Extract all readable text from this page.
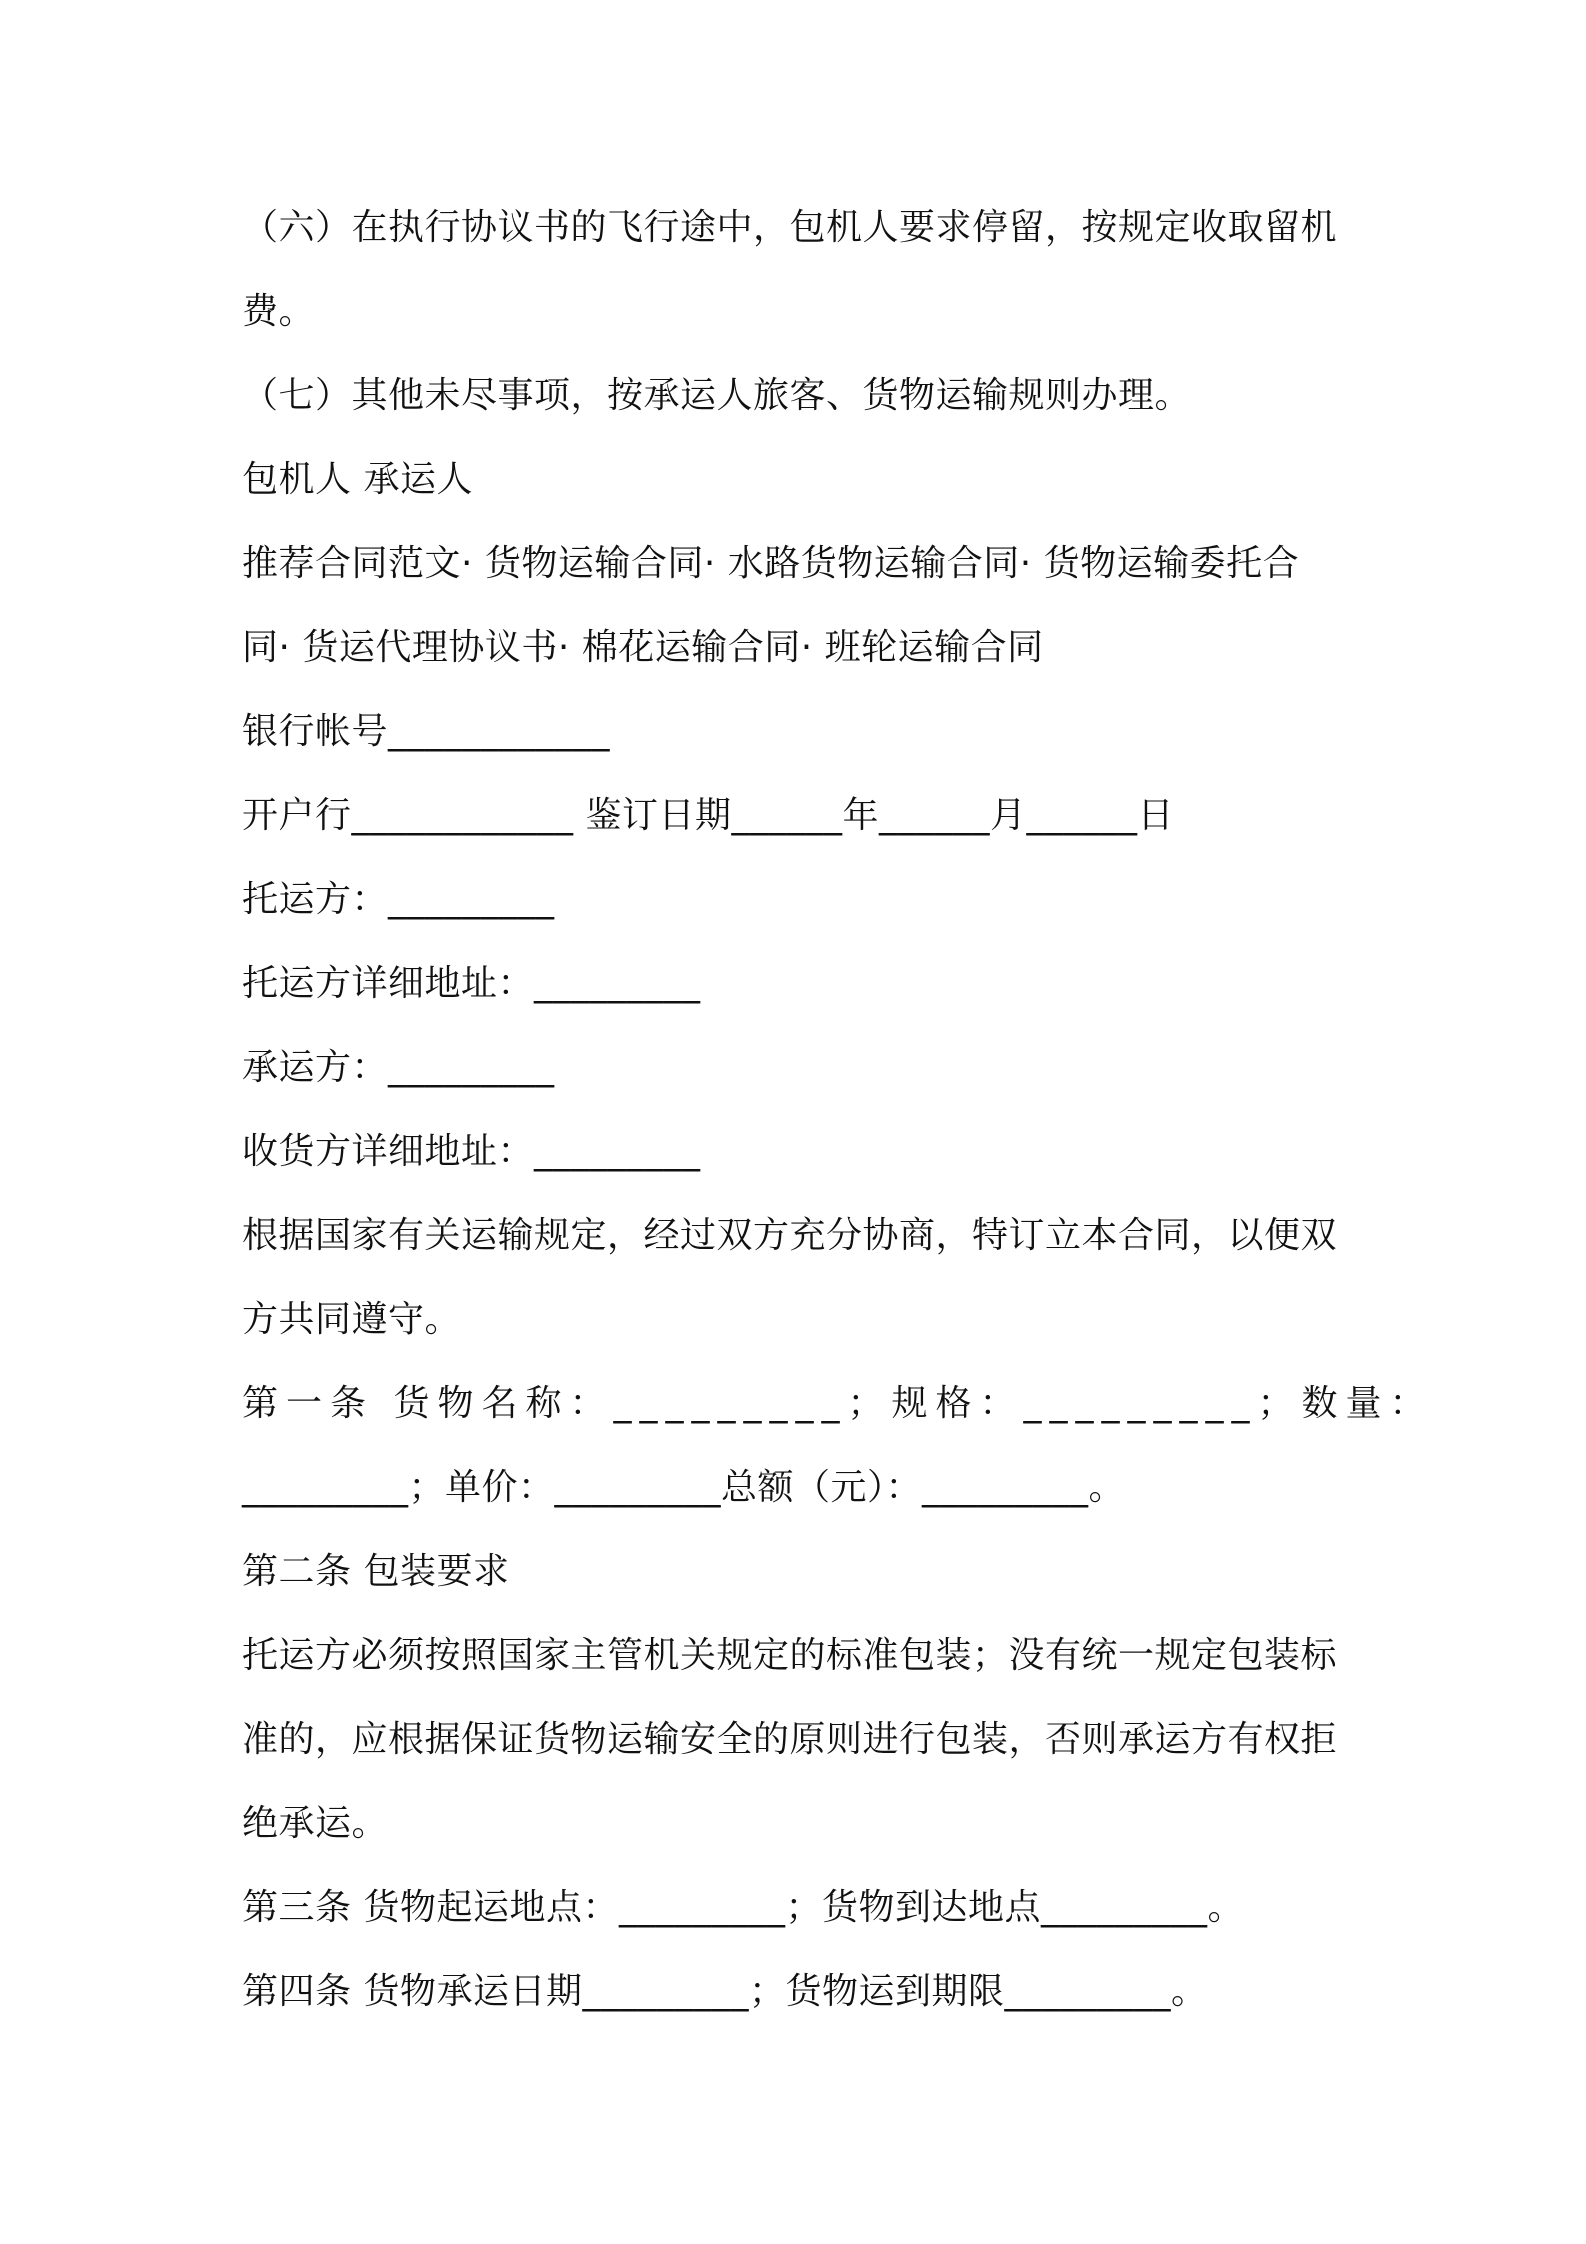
（六）在执行协议书的飞行途中，包机人要求停留，按规定收取留机
费。
（七）其他未尽事项，按承运人旅客、货物运输规则办理。
包机人 承运人
推荐合同范文· 货物运输合同· 水路货物运输合同· 货物运输委托合
同· 货运代理协议书· 棉花运输合同· 班轮运输合同
银行帐号____________
开户行____________ 鉴订日期______年______月______日
托运方：_________
托运方详细地址：_________
承运方：_________
收货方详细地址：_________
根据国家有关运输规定，经过双方充分协商，特订立本合同，以便双
方共同遵守。
第一条 货物名称：_________；规格：_________；数量：
_________；单价：_________总额（元）：_________。
第二条 包装要求
托运方必须按照国家主管机关规定的标准包装；没有统一规定包装标
准的，应根据保证货物运输安全的原则进行包装，否则承运方有权拒
绝承运。
第三条 货物起运地点：_________；货物到达地点_________。
第四条 货物承运日期_________；货物运到期限_________。
